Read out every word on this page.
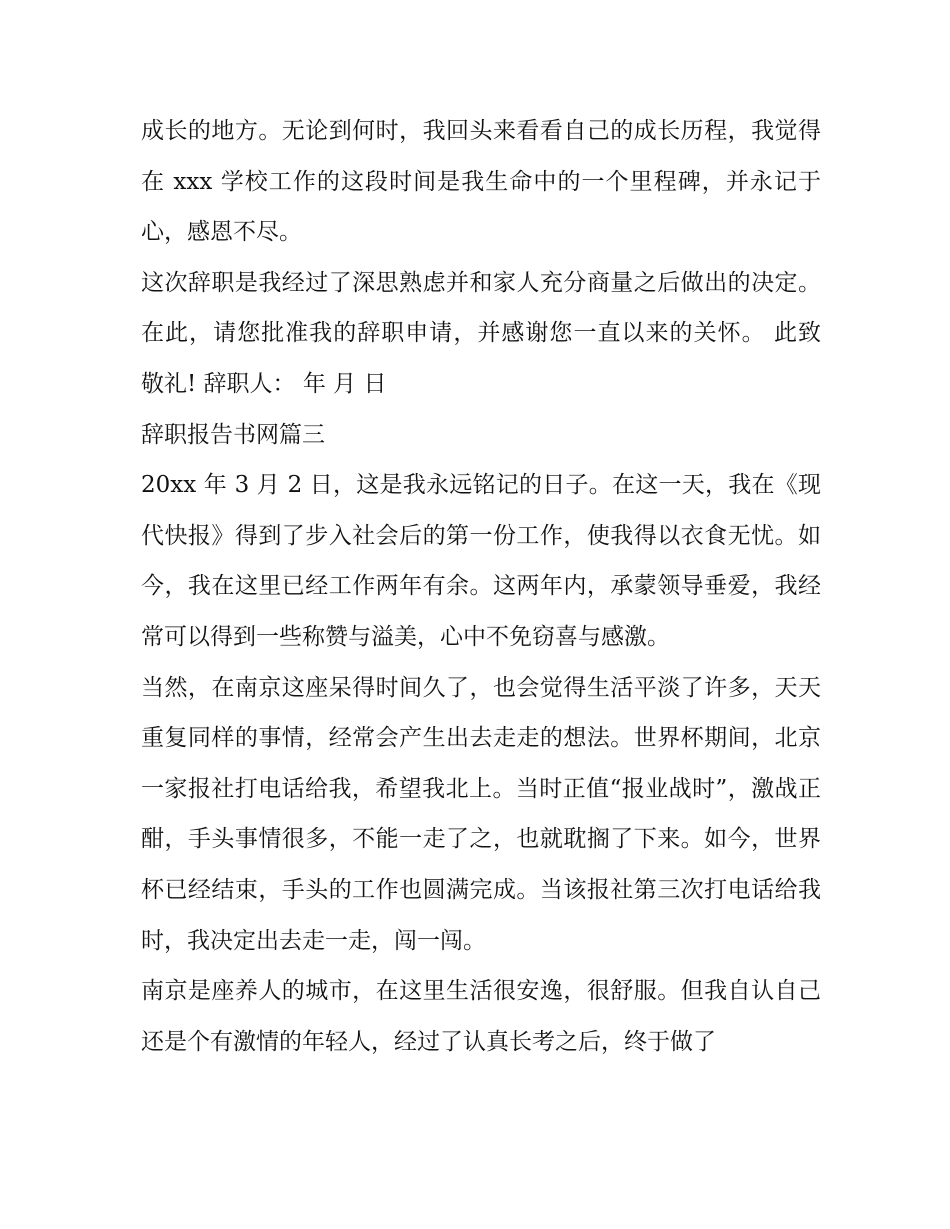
成长的地方。无论到何时，我回头来看看自己的成长历程，我觉得在 xxx 学校工作的这段时间是我生命中的一个里程碑，并永记于心，感恩不尽。

这次辞职是我经过了深思熟虑并和家人充分商量之后做出的决定。在此，请您批准我的辞职申请，并感谢您一直以来的关怀。 此致 敬礼! 辞职人： 年 月 日

辞职报告书网篇三

20xx 年 3 月 2 日，这是我永远铭记的日子。在这一天，我在《现代快报》得到了步入社会后的第一份工作，使我得以衣食无忧。如今，我在这里已经工作两年有余。这两年内，承蒙领导垂爱，我经常可以得到一些称赞与溢美，心中不免窃喜与感激。

当然，在南京这座呆得时间久了，也会觉得生活平淡了许多，天天重复同样的事情，经常会产生出去走走的想法。世界杯期间，北京一家报社打电话给我，希望我北上。当时正值“报业战时”，激战正酣，手头事情很多，不能一走了之，也就耽搁了下来。如今，世界杯已经结束，手头的工作也圆满完成。当该报社第三次打电话给我时，我决定出去走一走，闯一闯。

南京是座养人的城市，在这里生活很安逸，很舒服。但我自认自己还是个有激情的年轻人，经过了认真长考之后，终于做了
